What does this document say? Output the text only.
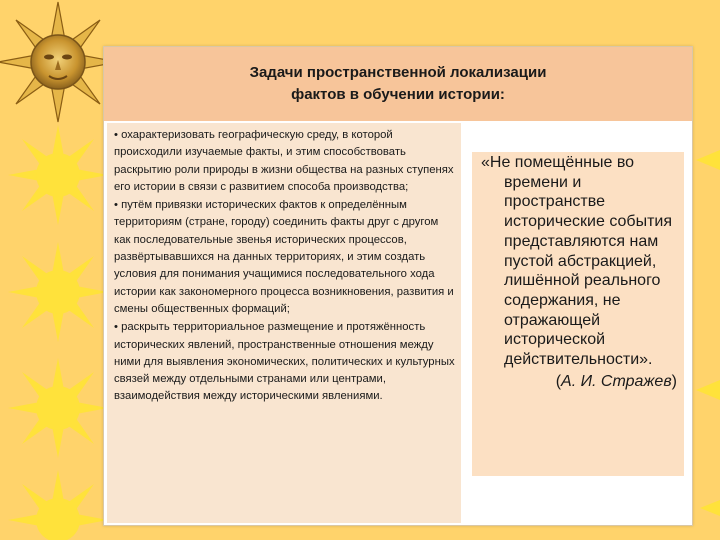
Задачи пространственной локализации
фактов в обучении истории:

• охарактеризовать географическую среду, в которой происходили изучаемые факты, и этим способствовать раскрытию роли природы в жизни общества на разных ступенях его истории в связи с развитием способа производства;

• путём привязки исторических фактов к определённым территориям (стране, городу) соединить факты друг с другом как последовательные звенья исторических процессов, развёртывавшихся на данных территориях, и этим создать условия для понимания учащимися последовательного хода истории как закономерного процесса возникновения, развития и смены общественных формаций;

• раскрыть территориальное размещение и протяжённость исторических явлений, пространственные отношения между ними для выявления экономических, политических и культурных связей между отдельными странами или центрами, взаимодействия между историческими явлениями.

«Не помещённые во времени и пространстве исторические события представляются нам пустой абстракцией, лишённой реального содержания, не отражающей исторической действительности».

(А. И. Стражев)
